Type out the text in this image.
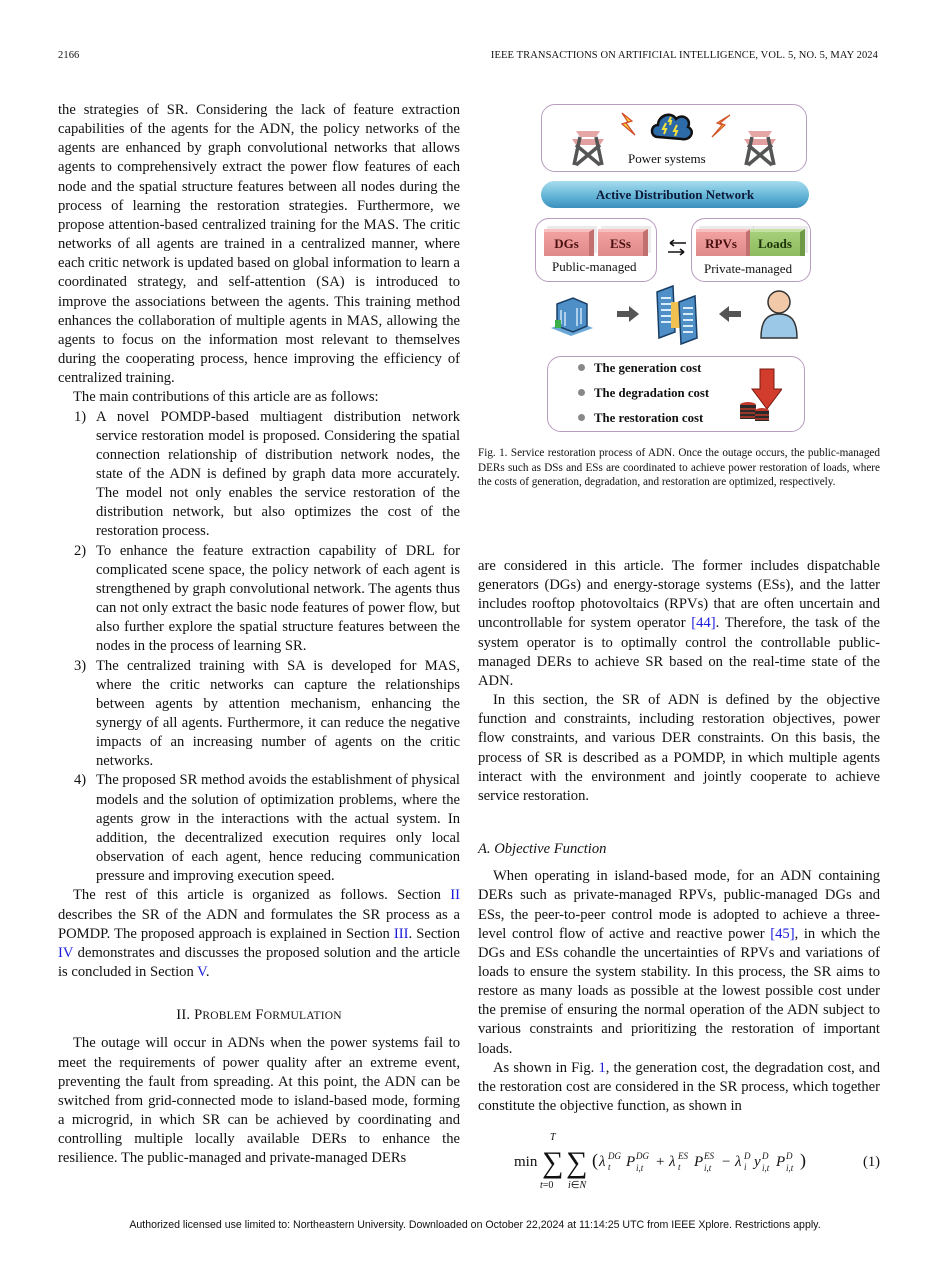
2166	IEEE TRANSACTIONS ON ARTIFICIAL INTELLIGENCE, VOL. 5, NO. 5, MAY 2024

the strategies of SR. Considering the lack of feature extraction capabilities of the agents for the ADN, the policy networks of the agents are enhanced by graph convolutional networks that allows agents to comprehensively extract the power flow features of each node and the spatial structure features between all nodes during the process of learning the restoration strategies. Furthermore, we propose attention-based centralized training for the MAS. The critic networks of all agents are trained in a centralized manner, where each critic network is updated based on global information to learn a coordinated strategy, and self-attention (SA) is introduced to improve the associations between the agents. This training method enhances the collaboration of multiple agents in MAS, allowing the agents to focus on the information most relevant to themselves during the cooperating process, hence improving the efficiency of centralized training.

The main contributions of this article are as follows:

1) A novel POMDP-based multiagent distribution network service restoration model is proposed. Considering the spatial connection relationship of distribution network nodes, the state of the ADN is defined by graph data more accurately. The model not only enables the service restoration of the distribution network, but also optimizes the cost of the restoration process.
2) To enhance the feature extraction capability of DRL for complicated scene space, the policy network of each agent is strengthened by graph convolutional network. The agents thus can not only extract the basic node features of power flow, but also further explore the spatial structure features between the nodes in the process of learning SR.
3) The centralized training with SA is developed for MAS, where the critic networks can capture the relationships between agents by attention mechanism, enhancing the synergy of all agents. Furthermore, it can reduce the negative impacts of an increasing number of agents on the critic networks.
4) The proposed SR method avoids the establishment of physical models and the solution of optimization problems, where the agents grow in the interactions with the actual system. In addition, the decentralized execution requires only local observation of each agent, hence reducing communication pressure and improving execution speed.

The rest of this article is organized as follows. Section II describes the SR of the ADN and formulates the SR process as a POMDP. The proposed approach is explained in Section III. Section IV demonstrates and discusses the proposed solution and the article is concluded in Section V.

II. PROBLEM FORMULATION

The outage will occur in ADNs when the power systems fail to meet the requirements of power quality after an extreme event, preventing the fault from spreading. At this point, the ADN can be switched from grid-connected mode to island-based mode, forming a microgrid, in which SR can be achieved by coordinating and controlling multiple locally available DERs to enhance the resilience. The public-managed and private-managed DERs

Power systems
Active Distribution Network
DGs	ESs
Public-managed
RPVs	Loads
Private-managed
The generation cost
The degradation cost
The restoration cost
Fig. 1. Service restoration process of ADN. Once the outage occurs, the public-managed DERs such as DSs and ESs are coordinated to achieve power restoration of loads, where the costs of generation, degradation, and restoration are optimized, respectively.

are considered in this article. The former includes dispatchable generators (DGs) and energy-storage systems (ESs), and the latter includes rooftop photovoltaics (RPVs) that are often uncertain and uncontrollable for system operator [44]. Therefore, the task of the system operator is to optimally control the controllable public-managed DERs to achieve SR based on the real-time state of the ADN.

In this section, the SR of ADN is defined by the objective function and constraints, including restoration objectives, power flow constraints, and various DER constraints. On this basis, the process of SR is described as a POMDP, in which multiple agents interact with the environment and jointly cooperate to achieve service restoration.

A. Objective Function

When operating in island-based mode, for an ADN containing DERs such as private-managed RPVs, public-managed DGs and ESs, the peer-to-peer control mode is adopted to achieve a three-level control flow of active and reactive power [45], in which the DGs and ESs cohandle the uncertainties of RPVs and variations of loads to ensure the system stability. In this process, the SR aims to restore as many loads as possible at the lowest possible cost under the premise of ensuring the normal operation of the ADN subject to various constraints and prioritizing the restoration of important loads.

As shown in Fig. 1, the generation cost, the degradation cost, and the restoration cost are considered in the SR process, which together constitute the objective function, as shown in

min ∑
T
t=0
∑
i∈N
( λ DG
t P DG
i,t + λ ES
t P ES
i,t − λ D
i y D
i,t P D
i,t )	(1)
Authorized licensed use limited to: Northeastern University. Downloaded on October 22,2024 at 11:14:25 UTC from IEEE Xplore. Restrictions apply.
